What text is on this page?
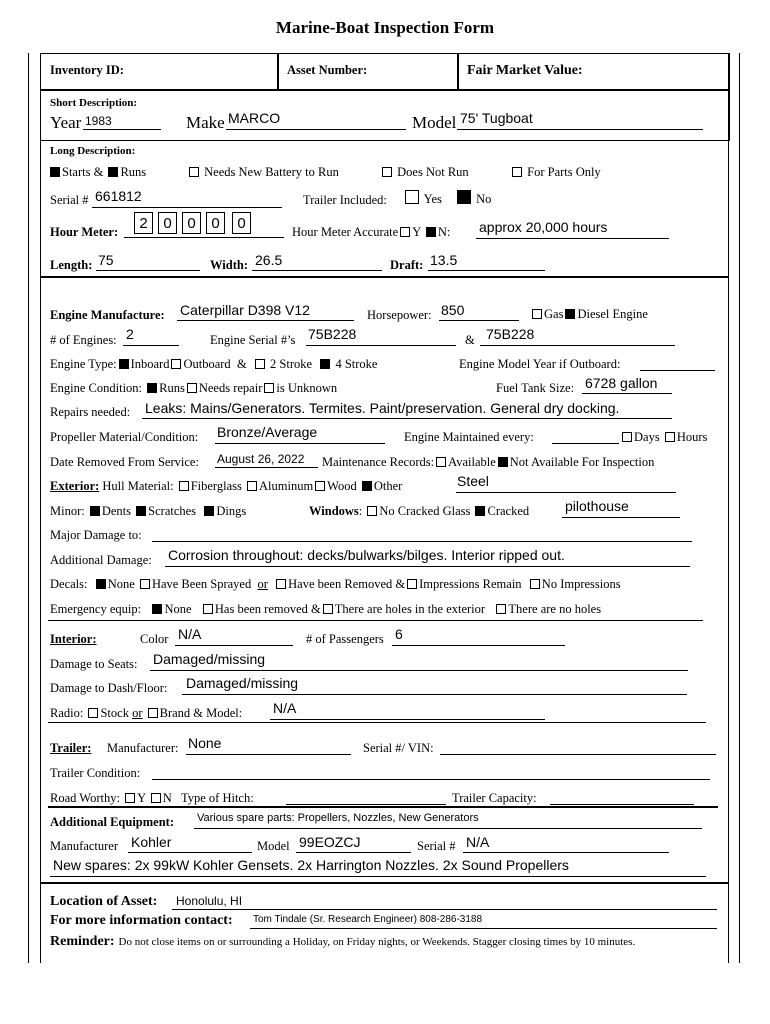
Marine-Boat Inspection Form
Inventory ID:	Asset Number:	Fair Market Value:
Short Description:
Year 1983	Make MARCO	Model 75' Tugboat
Long Description:
Starts & Runs	Needs New Battery to Run	Does Not Run	For Parts Only
Serial # 661812	Trailer Included:	Yes	No
Hour Meter:	2	0	0	0	0	Hour Meter Accurate Y N: approx 20,000 hours
Length: 75	Width: 26.5	Draft: 13.5
Engine Manufacture: Caterpillar D398 V12	Horsepower: 850	Gas Diesel Engine
# of Engines: 2	Engine Serial #’s 75B228	& 75B228
Engine Type: Inboard Outboard & 2 Stroke 4 Stroke	Engine Model Year if Outboard:
Engine Condition: Runs Needs repair is Unknown	Fuel Tank Size: 6728 gallon
Repairs needed: Leaks: Mains/Generators. Termites. Paint/preservation. General dry docking.
Propeller Material/Condition: Bronze/Average	Engine Maintained every:	Days Hours
Date Removed From Service: August 26, 2022 Maintenance Records: Available Not Available For Inspection
Exterior: Hull Material: Fiberglass Aluminum Wood Other	Steel
Minor: Dents Scratches Dings	Windows: No Cracked Glass Cracked	pilothouse
Major Damage to:
Additional Damage: Corrosion throughout: decks/bulwarks/bilges. Interior ripped out.
Decals: None Have Been Sprayed or Have been Removed & Impressions Remain No Impressions
Emergency equip: None Has been removed & There are holes in the exterior There are no holes
Interior:	Color N/A	# of Passengers 6
Damage to Seats: Damaged/missing
Damage to Dash/Floor: Damaged/missing
Radio: Stock or Brand & Model: N/A
Trailer: Manufacturer: None	Serial #/ VIN:
Trailer Condition:
Road Worthy: Y N Type of Hitch:	Trailer Capacity:
Additional Equipment: Various spare parts: Propellers, Nozzles, New Generators
Manufacturer Kohler	Model 99EOZCJ	Serial # N/A
New spares: 2x 99kW Kohler Gensets. 2x Harrington Nozzles. 2x Sound Propellers
Location of Asset: Honolulu, HI
For more information contact: Tom Tindale (Sr. Research Engineer) 808-286-3188
Reminder: Do not close items on or surrounding a Holiday, on Friday nights, or Weekends. Stagger closing times by 10 minutes.
